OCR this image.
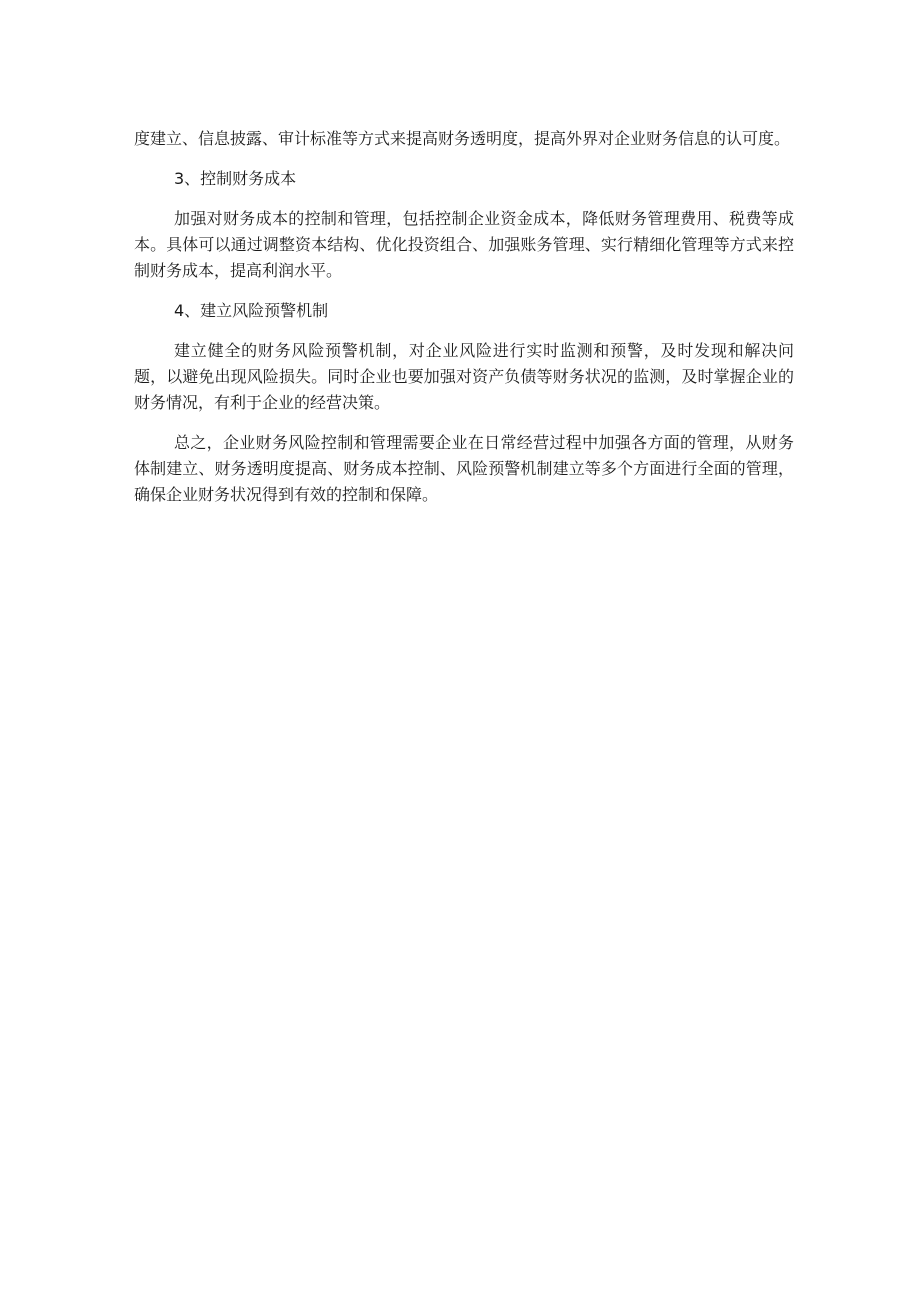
度建立、信息披露、审计标准等方式来提高财务透明度，提高外界对企业财务信息的认可度。

3、控制财务成本

加强对财务成本的控制和管理，包括控制企业资金成本，降低财务管理费用、税费等成本。具体可以通过调整资本结构、优化投资组合、加强账务管理、实行精细化管理等方式来控制财务成本，提高利润水平。

4、建立风险预警机制

建立健全的财务风险预警机制，对企业风险进行实时监测和预警，及时发现和解决问题，以避免出现风险损失。同时企业也要加强对资产负债等财务状况的监测，及时掌握企业的财务情况，有利于企业的经营决策。

总之，企业财务风险控制和管理需要企业在日常经营过程中加强各方面的管理，从财务体制建立、财务透明度提高、财务成本控制、风险预警机制建立等多个方面进行全面的管理，确保企业财务状况得到有效的控制和保障。
